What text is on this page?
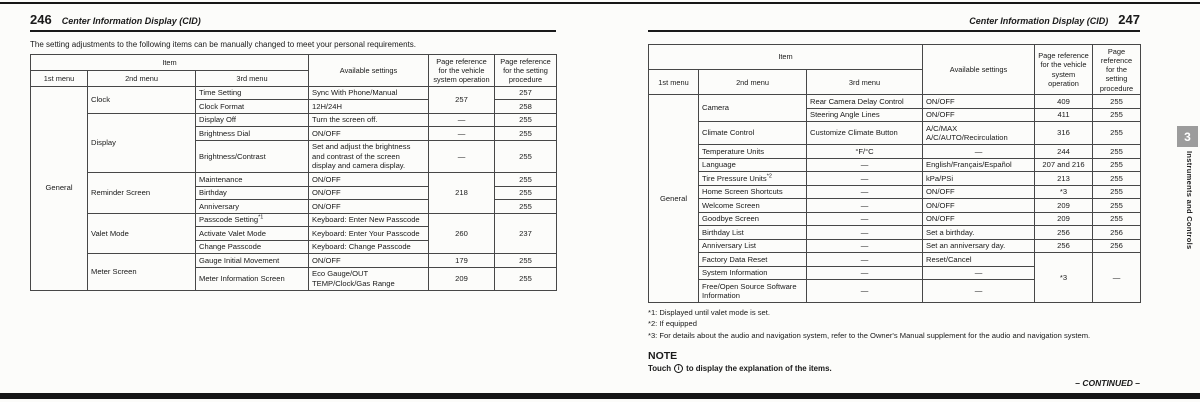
246 Center Information Display (CID)

The setting adjustments to the following items can be manually changed to meet your personal requirements.

Item			Available settings	Page reference for the vehicle system operation	Page reference for the setting procedure
1st menu	2nd menu	3rd menu			
General	Clock	Time Setting	Sync With Phone/Manual	257	257
		Clock Format	12H/24H		258
	Display	Display Off	Turn the screen off.	—	255
		Brightness Dial	ON/OFF	—	255
		Brightness/Contrast	Set and adjust the brightness and contrast of the screen display and camera display.	—	255
	Reminder Screen	Maintenance	ON/OFF	218	255
		Birthday	ON/OFF		255
		Anniversary	ON/OFF		255
	Valet Mode	Passcode Setting$^{*1}$	Keyboard: Enter New Passcode	260	237
		Activate Valet Mode	Keyboard: Enter Your Passcode		
		Change Passcode	Keyboard: Change Passcode		
	Meter Screen	Gauge Initial Movement	ON/OFF	179	255
		Meter Information Screen	Eco Gauge/OUT TEMP/Clock/Gas Range	209	255
Center Information Display (CID) 247
Item			Available settings	Page reference for the vehicle system operation	Page reference for the setting procedure
1st menu	2nd menu	3rd menu			
General	Camera	Rear Camera Delay Control	ON/OFF	409	255
		Steering Angle Lines	ON/OFF	411	255
	Climate Control	Customize Climate Button	A/C/MAX A/C/AUTO/Recirculation	316	255
	Temperature Units	°F/°C	—	244	255
	Language	—	English/Français/Español	207 and 216	255
	Tire Pressure Units$^{*2}$	—	kPa/PSi	213	255
	Home Screen Shortcuts	—	ON/OFF	*3	255
	Welcome Screen	—	ON/OFF	209	255
	Goodbye Screen	—	ON/OFF	209	255
	Birthday List	—	Set a birthday.	256	256
	Anniversary List	—	Set an anniversary day.	256	256
	Factory Data Reset	—	Reset/Cancel	*3	—
	System Information	—	—		
	Free/Open Source Software Information	—	—		

*1: Displayed until valet mode is set.

*2: If equipped

*3: For details about the audio and navigation system, refer to the Owner's Manual supplement for the audio and navigation system.

NOTE

Touch	i to display the explanation of the items.

– CONTINUED –
3
Instruments and Controls
